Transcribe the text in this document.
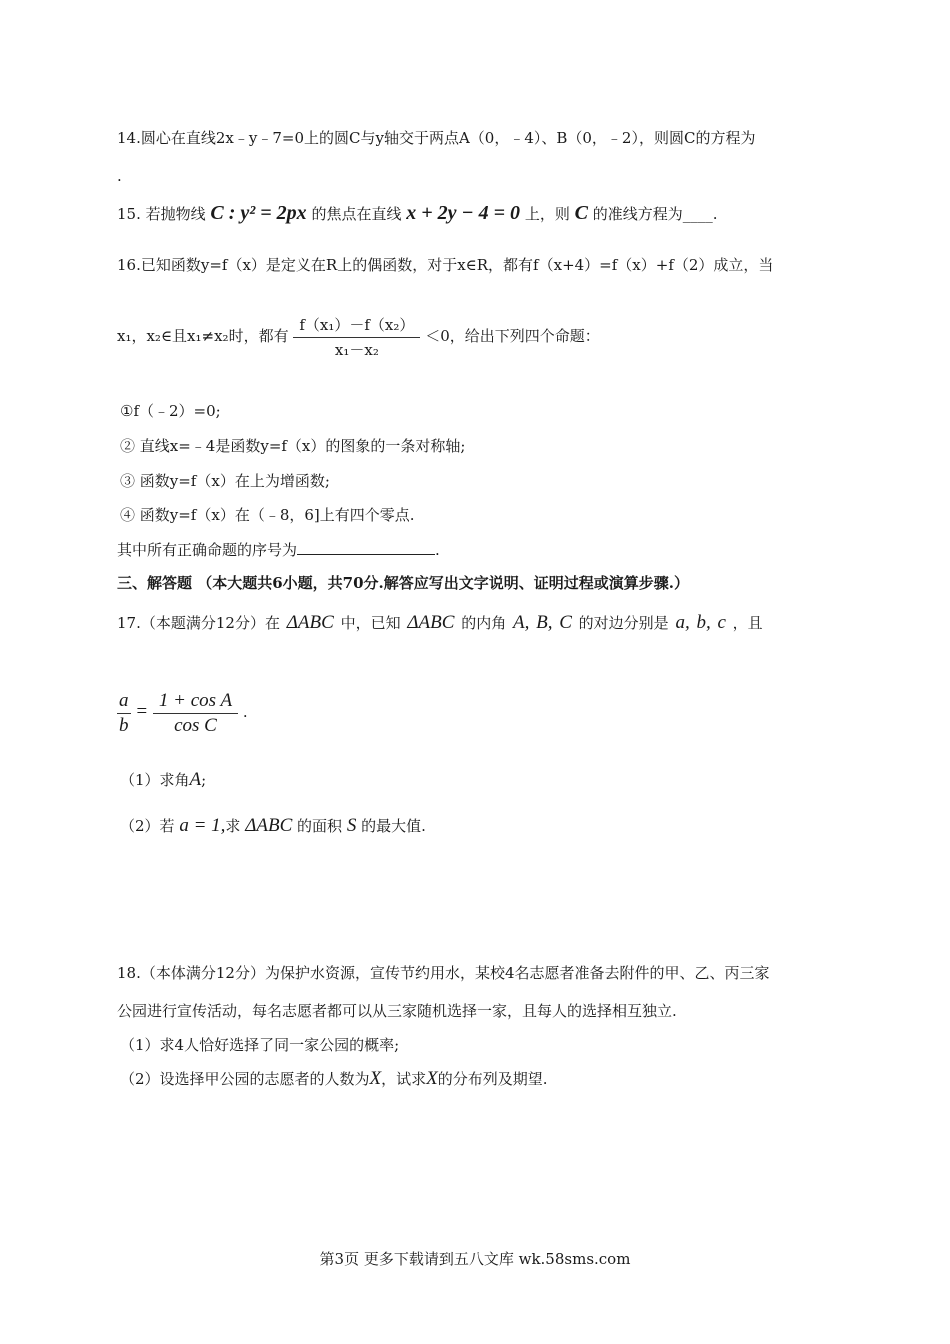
14.圆心在直线2x﹣y﹣7=0上的圆C与y轴交于两点A（0，﹣4）、B（0，﹣2），则圆C的方程为
.
15. 若抛物线 C : y² = 2px 的焦点在直线 x + 2y − 4 = 0 上，则 C 的准线方程为____.
16.已知函数y=f（x）是定义在R上的偶函数，对于x∈R，都有f（x+4）=f（x）+f（2）成立，当
x₁，x₂∈且x₁≠x₂时，都有 $\frac{\text{f（x₁）－f（x₂）}}{\text{x₁－x₂}} <0$，给出下列四个命题：
①f（﹣2）=0;
② 直线x=﹣4是函数y=f（x）的图象的一条对称轴;
③ 函数y=f（x）在上为增函数;
④ 函数y=f（x）在（﹣8，6]上有四个零点.
其中所有正确命题的序号为	.
三、解答题 （本大题共6小题，共70分.解答应写出文字说明、证明过程或演算步骤.）
17.（本题满分12分）在 ΔABC 中，已知 ΔABC 的内角 A, B, C 的对边分别是 a, b, c ，且
$\frac{a}{b} = \frac{\text{1 + cos A}}{\text{cos C}}$ .
（1）求角A;
（2）若 a = 1,求 ΔABC 的面积 S 的最大值.
18.（本体满分12分）为保护水资源，宣传节约用水，某校4名志愿者准备去附件的甲、乙、丙三家
公园进行宣传活动，每名志愿者都可以从三家随机选择一家，且每人的选择相互独立.
（1）求4人恰好选择了同一家公园的概率;
（2）设选择甲公园的志愿者的人数为X，试求X的分布列及期望.
第3页 更多下载请到五八文库 wk.58sms.com
